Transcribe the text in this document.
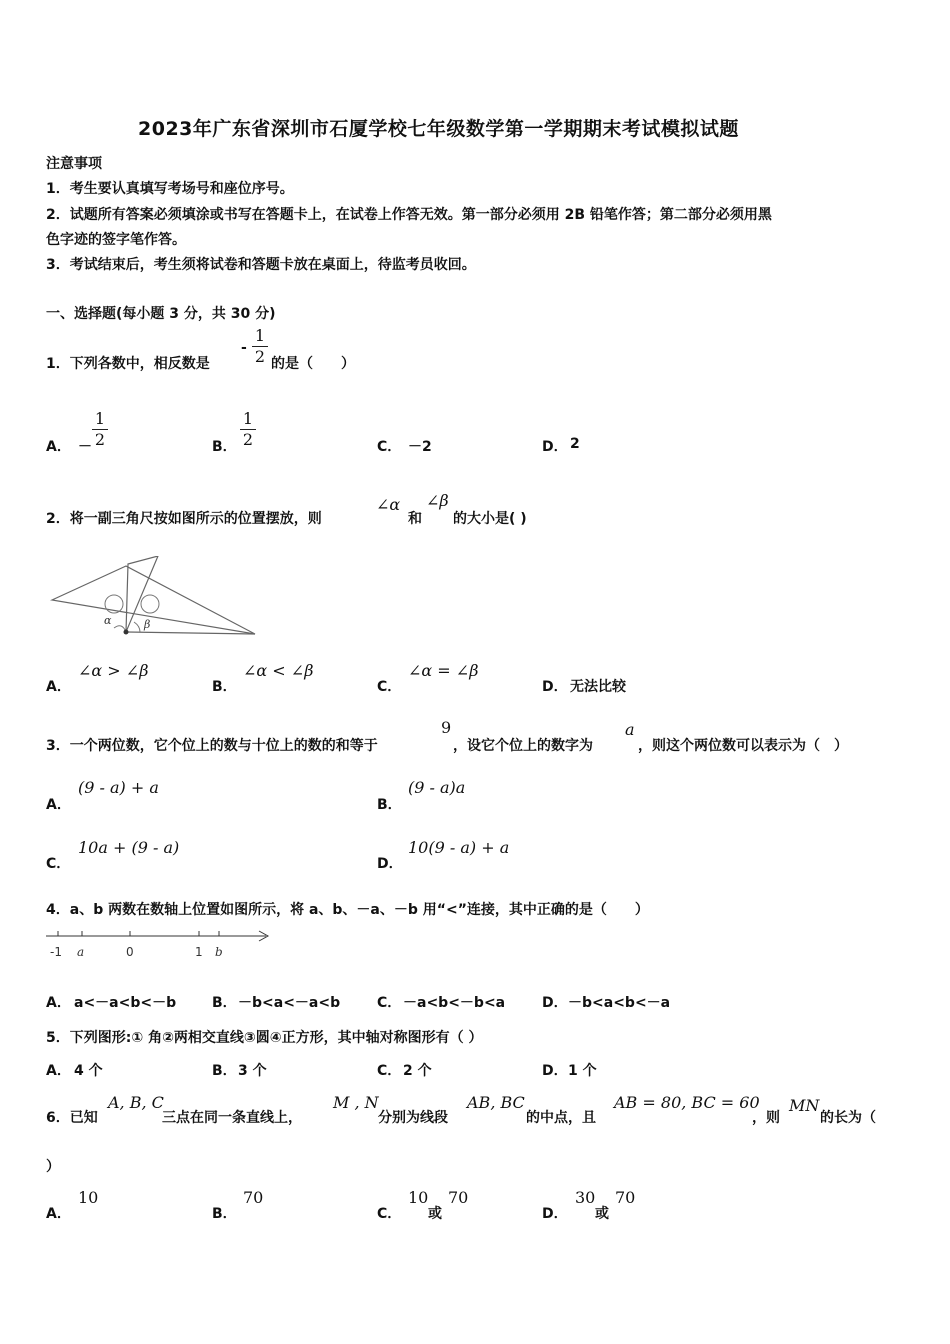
2023年广东省深圳市石厦学校七年级数学第一学期期末考试模拟试题
注意事项
1．考生要认真填写考场号和座位序号。
2．试题所有答案必须填涂或书写在答题卡上，在试卷上作答无效。第一部分必须用 2B 铅笔作答；第二部分必须用黑
色字迹的签字笔作答。
3．考试结束后，考生须将试卷和答题卡放在桌面上，待监考员收回。
一、选择题(每小题 3 分，共 30 分)
1．下列各数中，相反数是
-
1
2 的是（　　）
A． －
1
2	B．
1
2	C． －2	D． 2
2．将一副三角尺按如图所示的位置摆放，则
∠α
和
∠β
的大小是( )
α	β
A．
∠α > ∠β
B．
∠α < ∠β
C．
∠α = ∠β
D． 无法比较
3．一个两位数，它个位上的数与十位上的数的和等于
9
，设它个位上的数字为
a
，则这个两位数可以表示为（　）
A．
(9 - a) + a
B．
(9 - a)a
C．
10a + (9 - a)
D．
10(9 - a) + a
4．a、b 两数在数轴上位置如图所示，将 a、b、－a、－b 用“<”连接，其中正确的是（　　）
-1 a	0	1 b
A． a<－a<b<－b	B． －b<a<－a<b	C． －a<b<－b<a	D． －b<a<b<－a
5．下列图形:① 角②两相交直线③圆④正方形，其中轴对称图形有（ ）
A． 4 个	B． 3 个	C． 2 个	D． 1 个
6．已知
A, B, C
三点在同一条直线上，
M , N
分别为线段
AB, BC
的中点，且
AB = 80, BC = 60
，则
MN
的长为（
）
A．
10
B．
70
C．
10
或
70
D．
30
或
70
